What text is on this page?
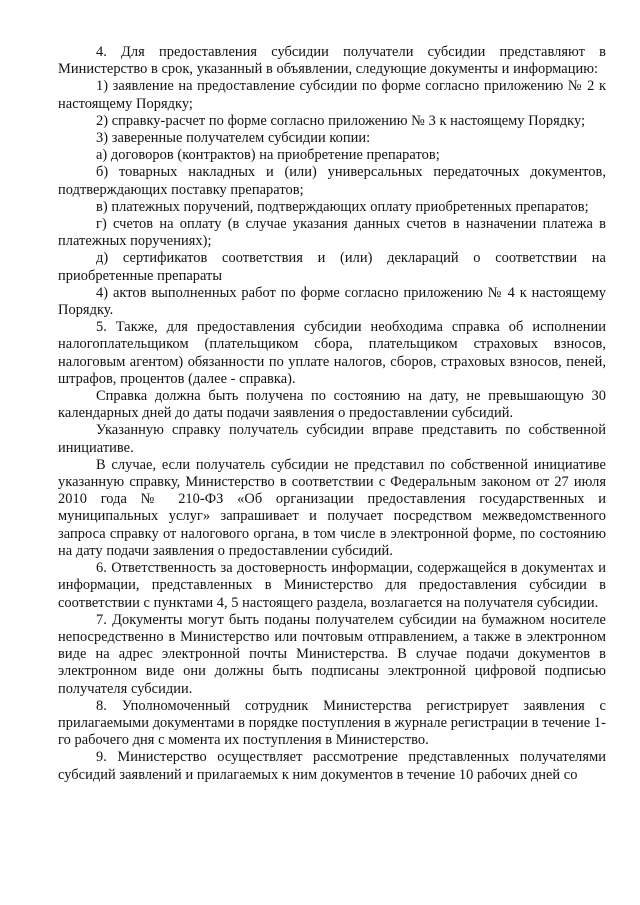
4. Для предоставления субсидии получатели субсидии представляют в Министерство в срок, указанный в объявлении, следующие документы и информацию:

1) заявление на предоставление субсидии по форме согласно приложению № 2 к настоящему Порядку;

2) справку-расчет по форме согласно приложению № 3 к настоящему Порядку;

3) заверенные получателем субсидии копии:

а) договоров (контрактов) на приобретение препаратов;

б) товарных накладных и (или) универсальных передаточных документов, подтверждающих поставку препаратов;

в) платежных поручений, подтверждающих оплату приобретенных препаратов;

г) счетов на оплату (в случае указания данных счетов в назначении платежа в платежных поручениях);

д) сертификатов соответствия и (или) деклараций о соответствии на приобретенные препараты

4) актов выполненных работ по форме согласно приложению № 4 к настоящему Порядку.

5. Также, для предоставления субсидии необходима справка об исполнении налогоплательщиком (плательщиком сбора, плательщиком страховых взносов, налоговым агентом) обязанности по уплате налогов, сборов, страховых взносов, пеней, штрафов, процентов (далее - справка).

Справка должна быть получена по состоянию на дату, не превышающую 30 календарных дней до даты подачи заявления о предоставлении субсидий.

Указанную справку получатель субсидии вправе представить по собственной инициативе.

В случае, если получатель субсидии не представил по собственной инициативе указанную справку, Министерство в соответствии с Федеральным законом от 27 июля 2010 года № 210-ФЗ «Об организации предоставления государственных и муниципальных услуг» запрашивает и получает посредством межведомственного запроса справку от налогового органа, в том числе в электронной форме, по состоянию на дату подачи заявления о предоставлении субсидий.

6. Ответственность за достоверность информации, содержащейся в документах и информации, представленных в Министерство для предоставления субсидии в соответствии с пунктами 4, 5 настоящего раздела, возлагается на получателя субсидии.

7. Документы могут быть поданы получателем субсидии на бумажном носителе непосредственно в Министерство или почтовым отправлением, а также в электронном виде на адрес электронной почты Министерства. В случае подачи документов в электронном виде они должны быть подписаны электронной цифровой подписью получателя субсидии.

8. Уполномоченный сотрудник Министерства регистрирует заявления с прилагаемыми документами в порядке поступления в журнале регистрации в течение 1-го рабочего дня с момента их поступления в Министерство.

9. Министерство осуществляет рассмотрение представленных получателями субсидий заявлений и прилагаемых к ним документов в течение 10 рабочих дней со
